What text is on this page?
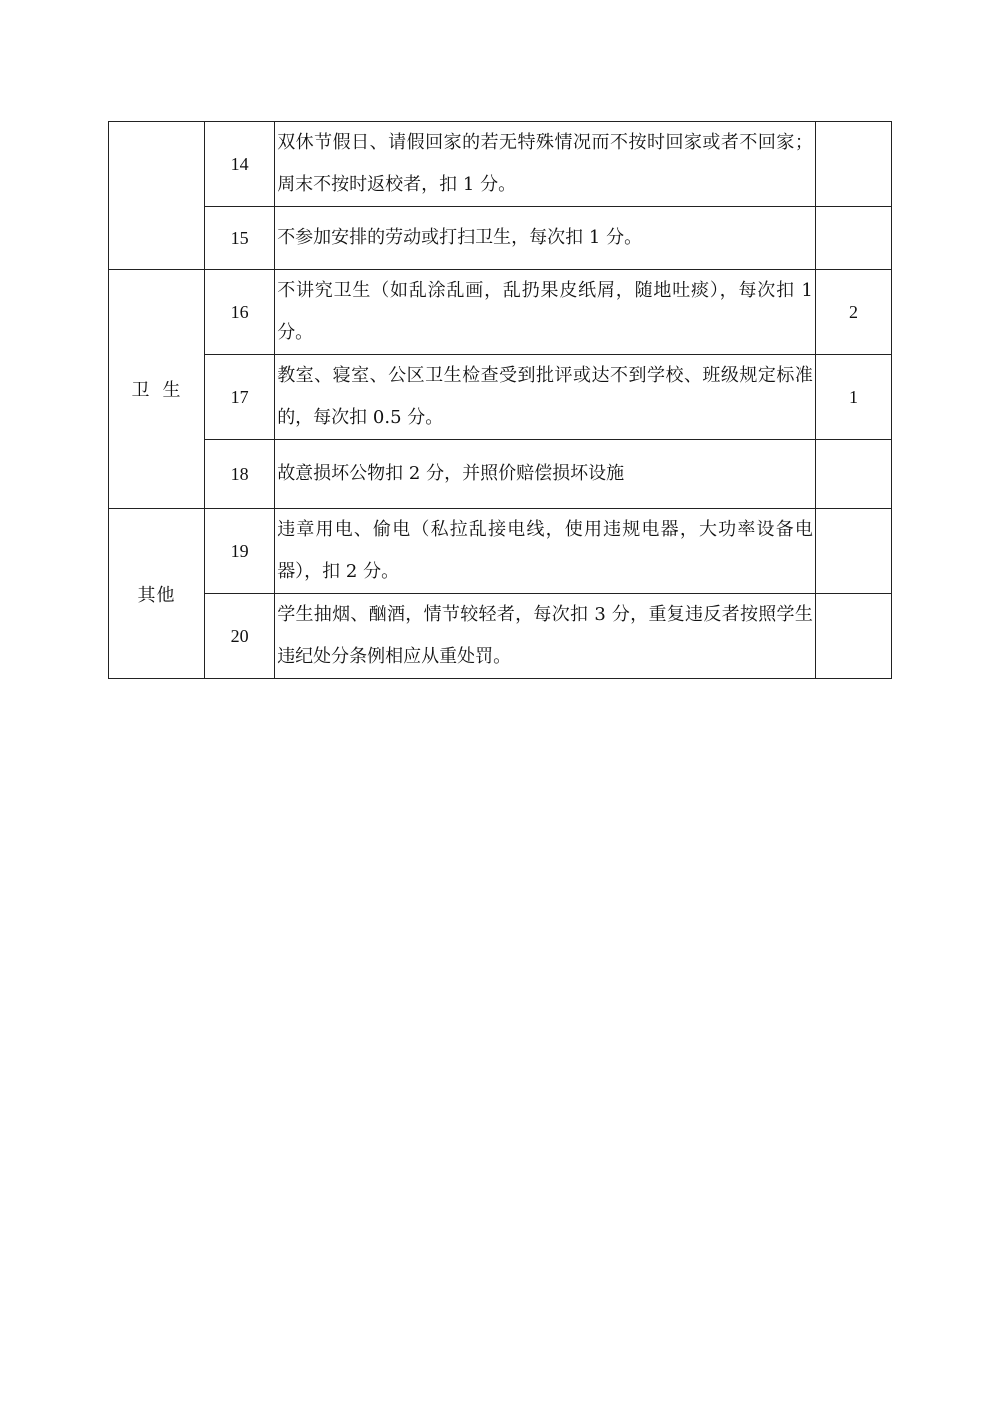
	14	双休节假日、请假回家的若无特殊情况而不按时回家或者不回家；周末不按时返校者，扣 1 分。	
	15	不参加安排的劳动或打扫卫生，每次扣 1 分。	
卫 生	16	不讲究卫生（如乱涂乱画，乱扔果皮纸屑，随地吐痰），每次扣 1 分。	2
	17	教室、寝室、公区卫生检查受到批评或达不到学校、班级规定标准的，每次扣 0.5 分。	1
	18	故意损坏公物扣 2 分，并照价赔偿损坏设施	
其他	19	违章用电、偷电（私拉乱接电线，使用违规电器，大功率设备电器），扣 2 分。	
	20	学生抽烟、酗酒，情节较轻者，每次扣 3 分，重复违反者按照学生违纪处分条例相应从重处罚。	
